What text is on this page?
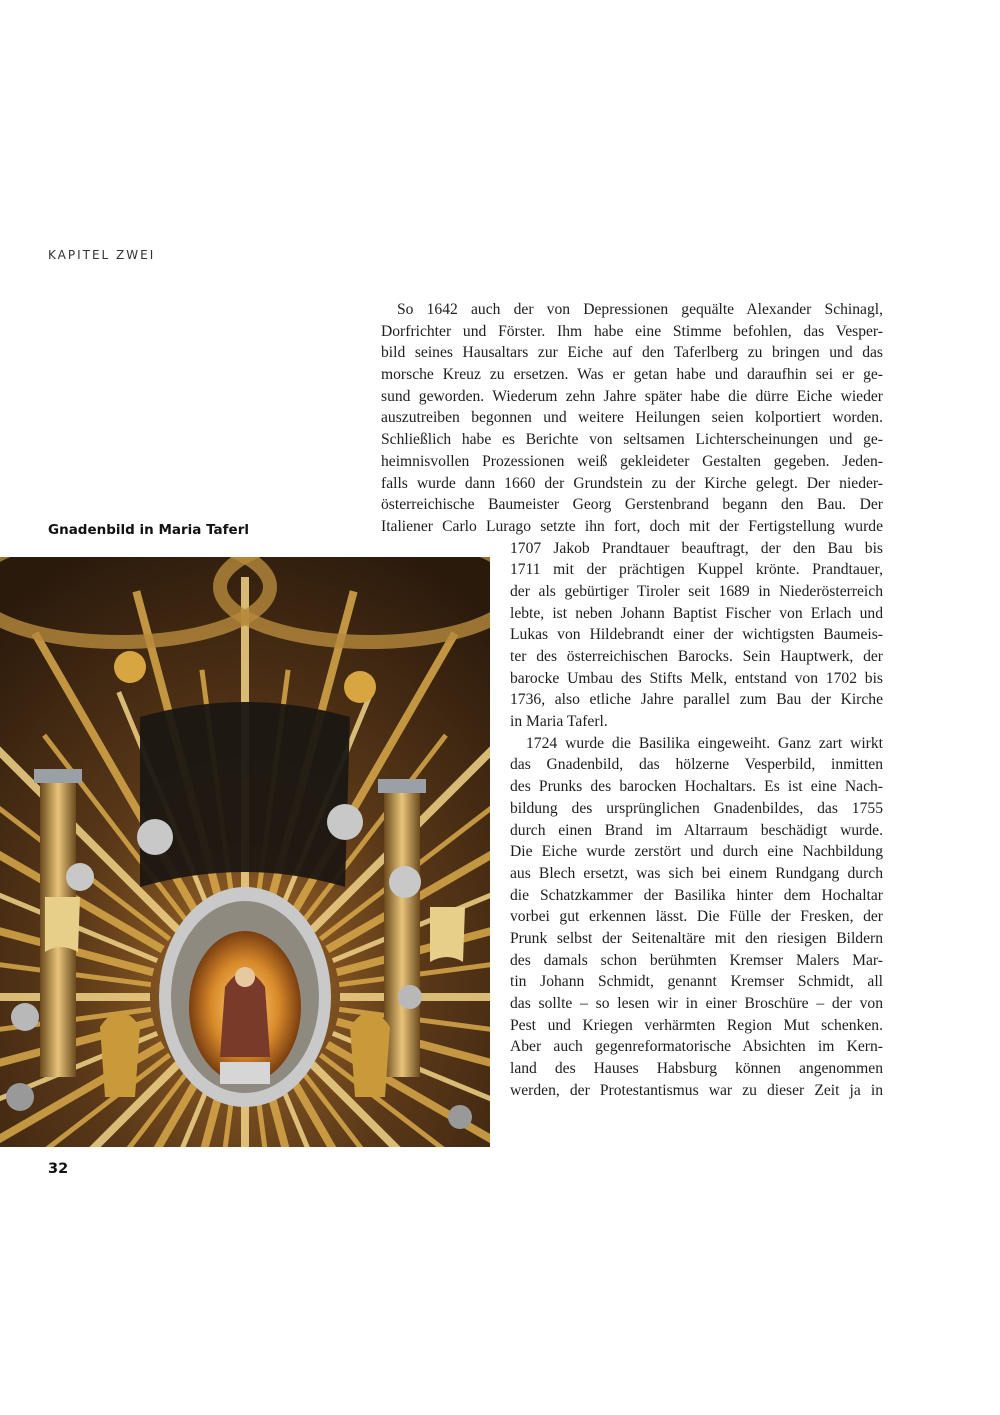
KAPITEL ZWEI
Gnadenbild in Maria Taferl
So 1642 auch der von Depressionen gequälte Alexander Schinagl,
Dorfrichter und Förster. Ihm habe eine Stimme befohlen, das Vesper-
bild seines Hausaltars zur Eiche auf den Taferlberg zu bringen und das
morsche Kreuz zu ersetzen. Was er getan habe und daraufhin sei er ge-
sund geworden. Wiederum zehn Jahre später habe die dürre Eiche wieder
auszutreiben begonnen und weitere Heilungen seien kolportiert worden.
Schließlich habe es Berichte von seltsamen Lichterscheinungen und ge-
heimnisvollen Prozessionen weiß gekleideter Gestalten gegeben. Jeden-
falls wurde dann 1660 der Grundstein zu der Kirche gelegt. Der nieder-
österreichische Baumeister Georg Gerstenbrand begann den Bau. Der
Italiener Carlo Lurago setzte ihn fort, doch mit der Fertigstellung wurde
1707 Jakob Prandtauer beauftragt, der den Bau bis
1711 mit der prächtigen Kuppel krönte. Prandtauer,
der als gebürtiger Tiroler seit 1689 in Niederösterreich
lebte, ist neben Johann Baptist Fischer von Erlach und
Lukas von Hildebrandt einer der wichtigsten Baumeis-
ter des österreichischen Barocks. Sein Hauptwerk, der
barocke Umbau des Stifts Melk, entstand von 1702 bis
1736, also etliche Jahre parallel zum Bau der Kirche
in Maria Taferl.
1724 wurde die Basilika eingeweiht. Ganz zart wirkt
das Gnadenbild, das hölzerne Vesperbild, inmitten
des Prunks des barocken Hochaltars. Es ist eine Nach-
bildung des ursprünglichen Gnadenbildes, das 1755
durch einen Brand im Altarraum beschädigt wurde.
Die Eiche wurde zerstört und durch eine Nachbildung
aus Blech ersetzt, was sich bei einem Rundgang durch
die Schatzkammer der Basilika hinter dem Hochaltar
vorbei gut erkennen lässt. Die Fülle der Fresken, der
Prunk selbst der Seitenaltäre mit den riesigen Bildern
des damals schon berühmten Kremser Malers Mar-
tin Johann Schmidt, genannt Kremser Schmidt, all
das sollte – so lesen wir in einer Broschüre – der von
Pest und Kriegen verhärmten Region Mut schenken.
Aber auch gegenreformatorische Absichten im Kern-
land des Hauses Habsburg können angenommen
werden, der Protestantismus war zu dieser Zeit ja in
32
